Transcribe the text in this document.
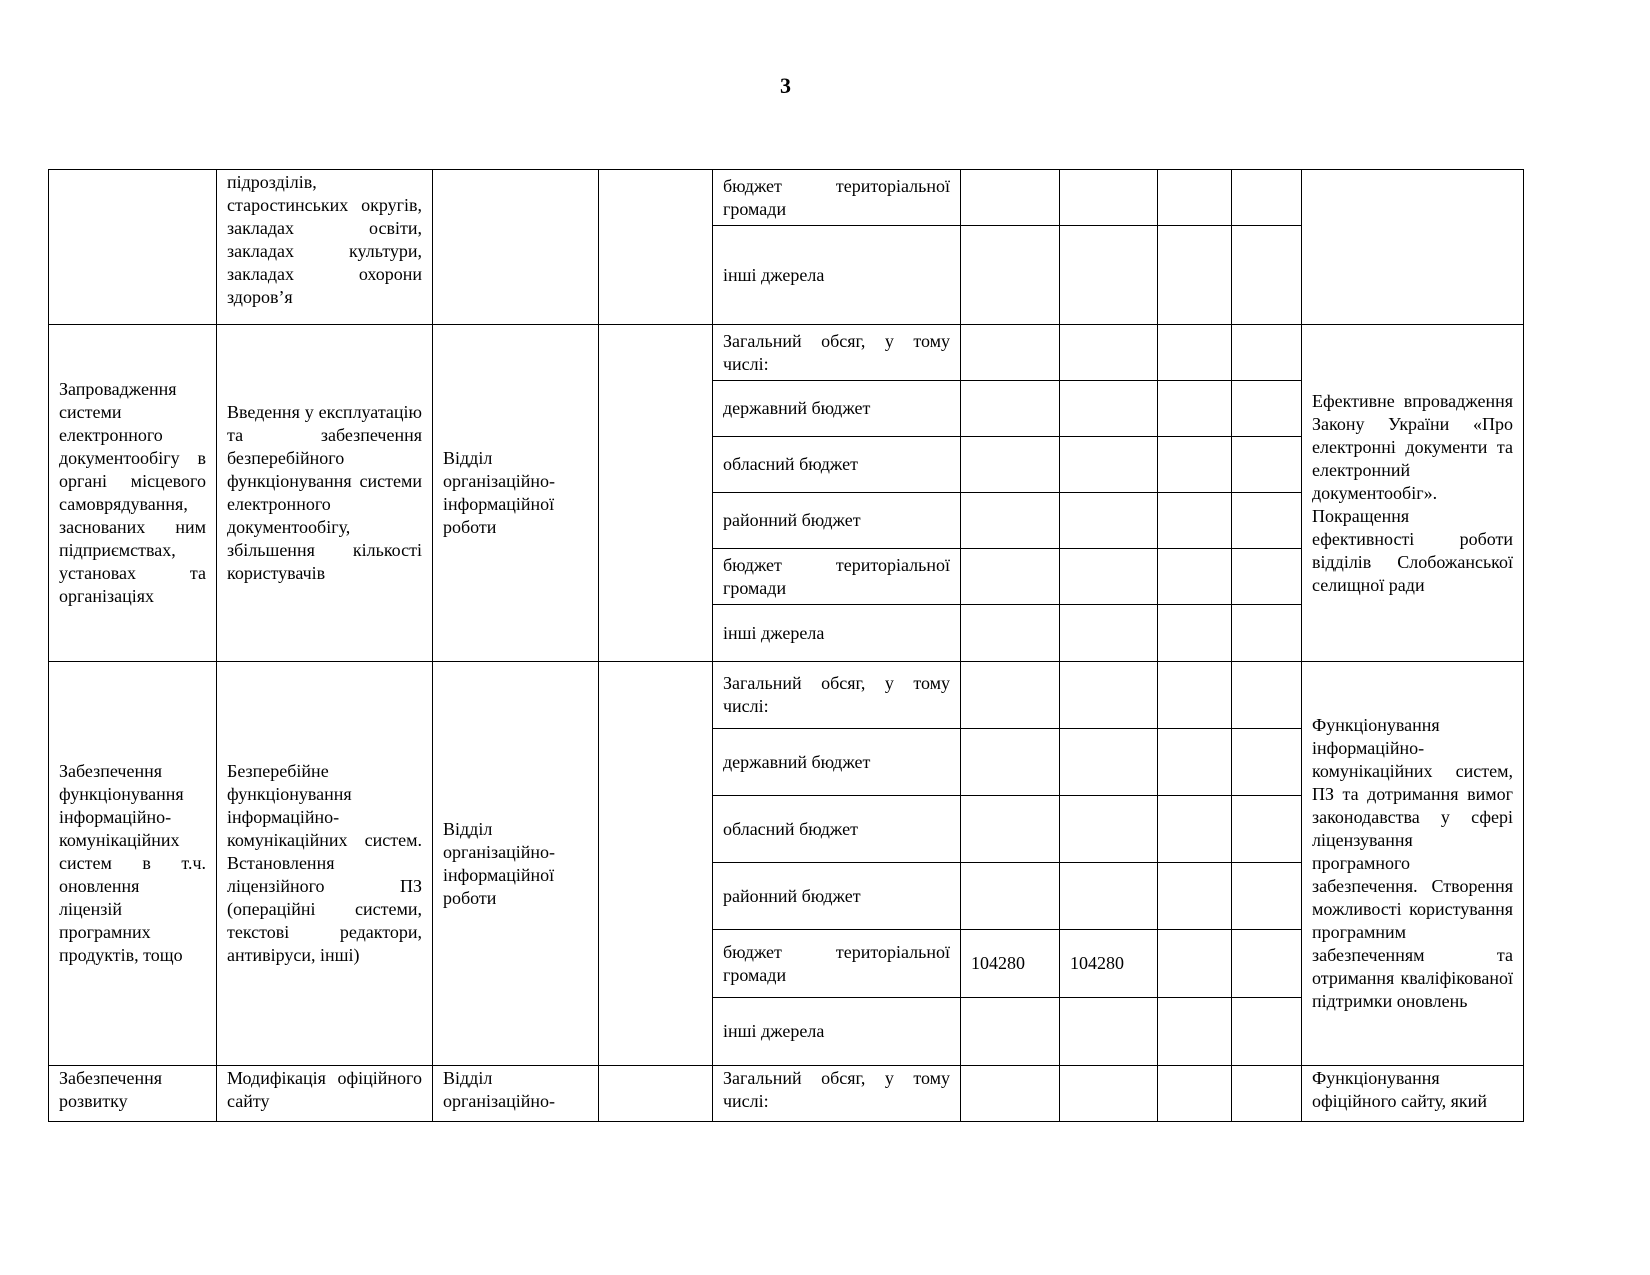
3
	підрозділів, старостинських округів, закладах освіти, закладах культури, закладах охорони здоров’я			бюджет територіальної громади					
				інші джерела					
Запровадження системи електронного документообігу в органі місцевого самоврядування, заснованих ним підприємствах, установах та організаціях	Введення у експлуатацію та забезпечення безперебійного функціонування системи електронного документообігу, збільшення кількості користувачів	Відділ організаційно-інформаційної роботи		Загальний обсяг, у тому числі:					Ефективне впровадження Закону України «Про електронні документи та електронний документообіг». Покращення ефективності роботи відділів Слобожанської селищної ради
				державний бюджет					
				обласний бюджет					
				районний бюджет					
				бюджет територіальної громади					
				інші джерела					
Забезпечення функціонування інформаційно-комунікаційних систем в т.ч. оновлення ліцензій програмних продуктів, тощо	Безперебійне функціонування інформаційно-комунікаційних систем. Встановлення ліцензійного ПЗ (операційні системи, текстові редактори, антивіруси, інші)	Відділ організаційно-інформаційної роботи		Загальний обсяг, у тому числі:					Функціонування інформаційно-комунікаційних систем, ПЗ та дотримання вимог законодавства у сфері ліцензування програмного забезпечення. Створення можливості користування програмним забезпеченням та отримання кваліфікованої підтримки оновлень
				державний бюджет					
				обласний бюджет					
				районний бюджет					
				бюджет територіальної громади	104280	104280			
				інші джерела					
Забезпечення розвитку	Модифікація офіційного сайту	Відділ організаційно-		Загальний обсяг, у тому числі:					Функціонування офіційного сайту, який
